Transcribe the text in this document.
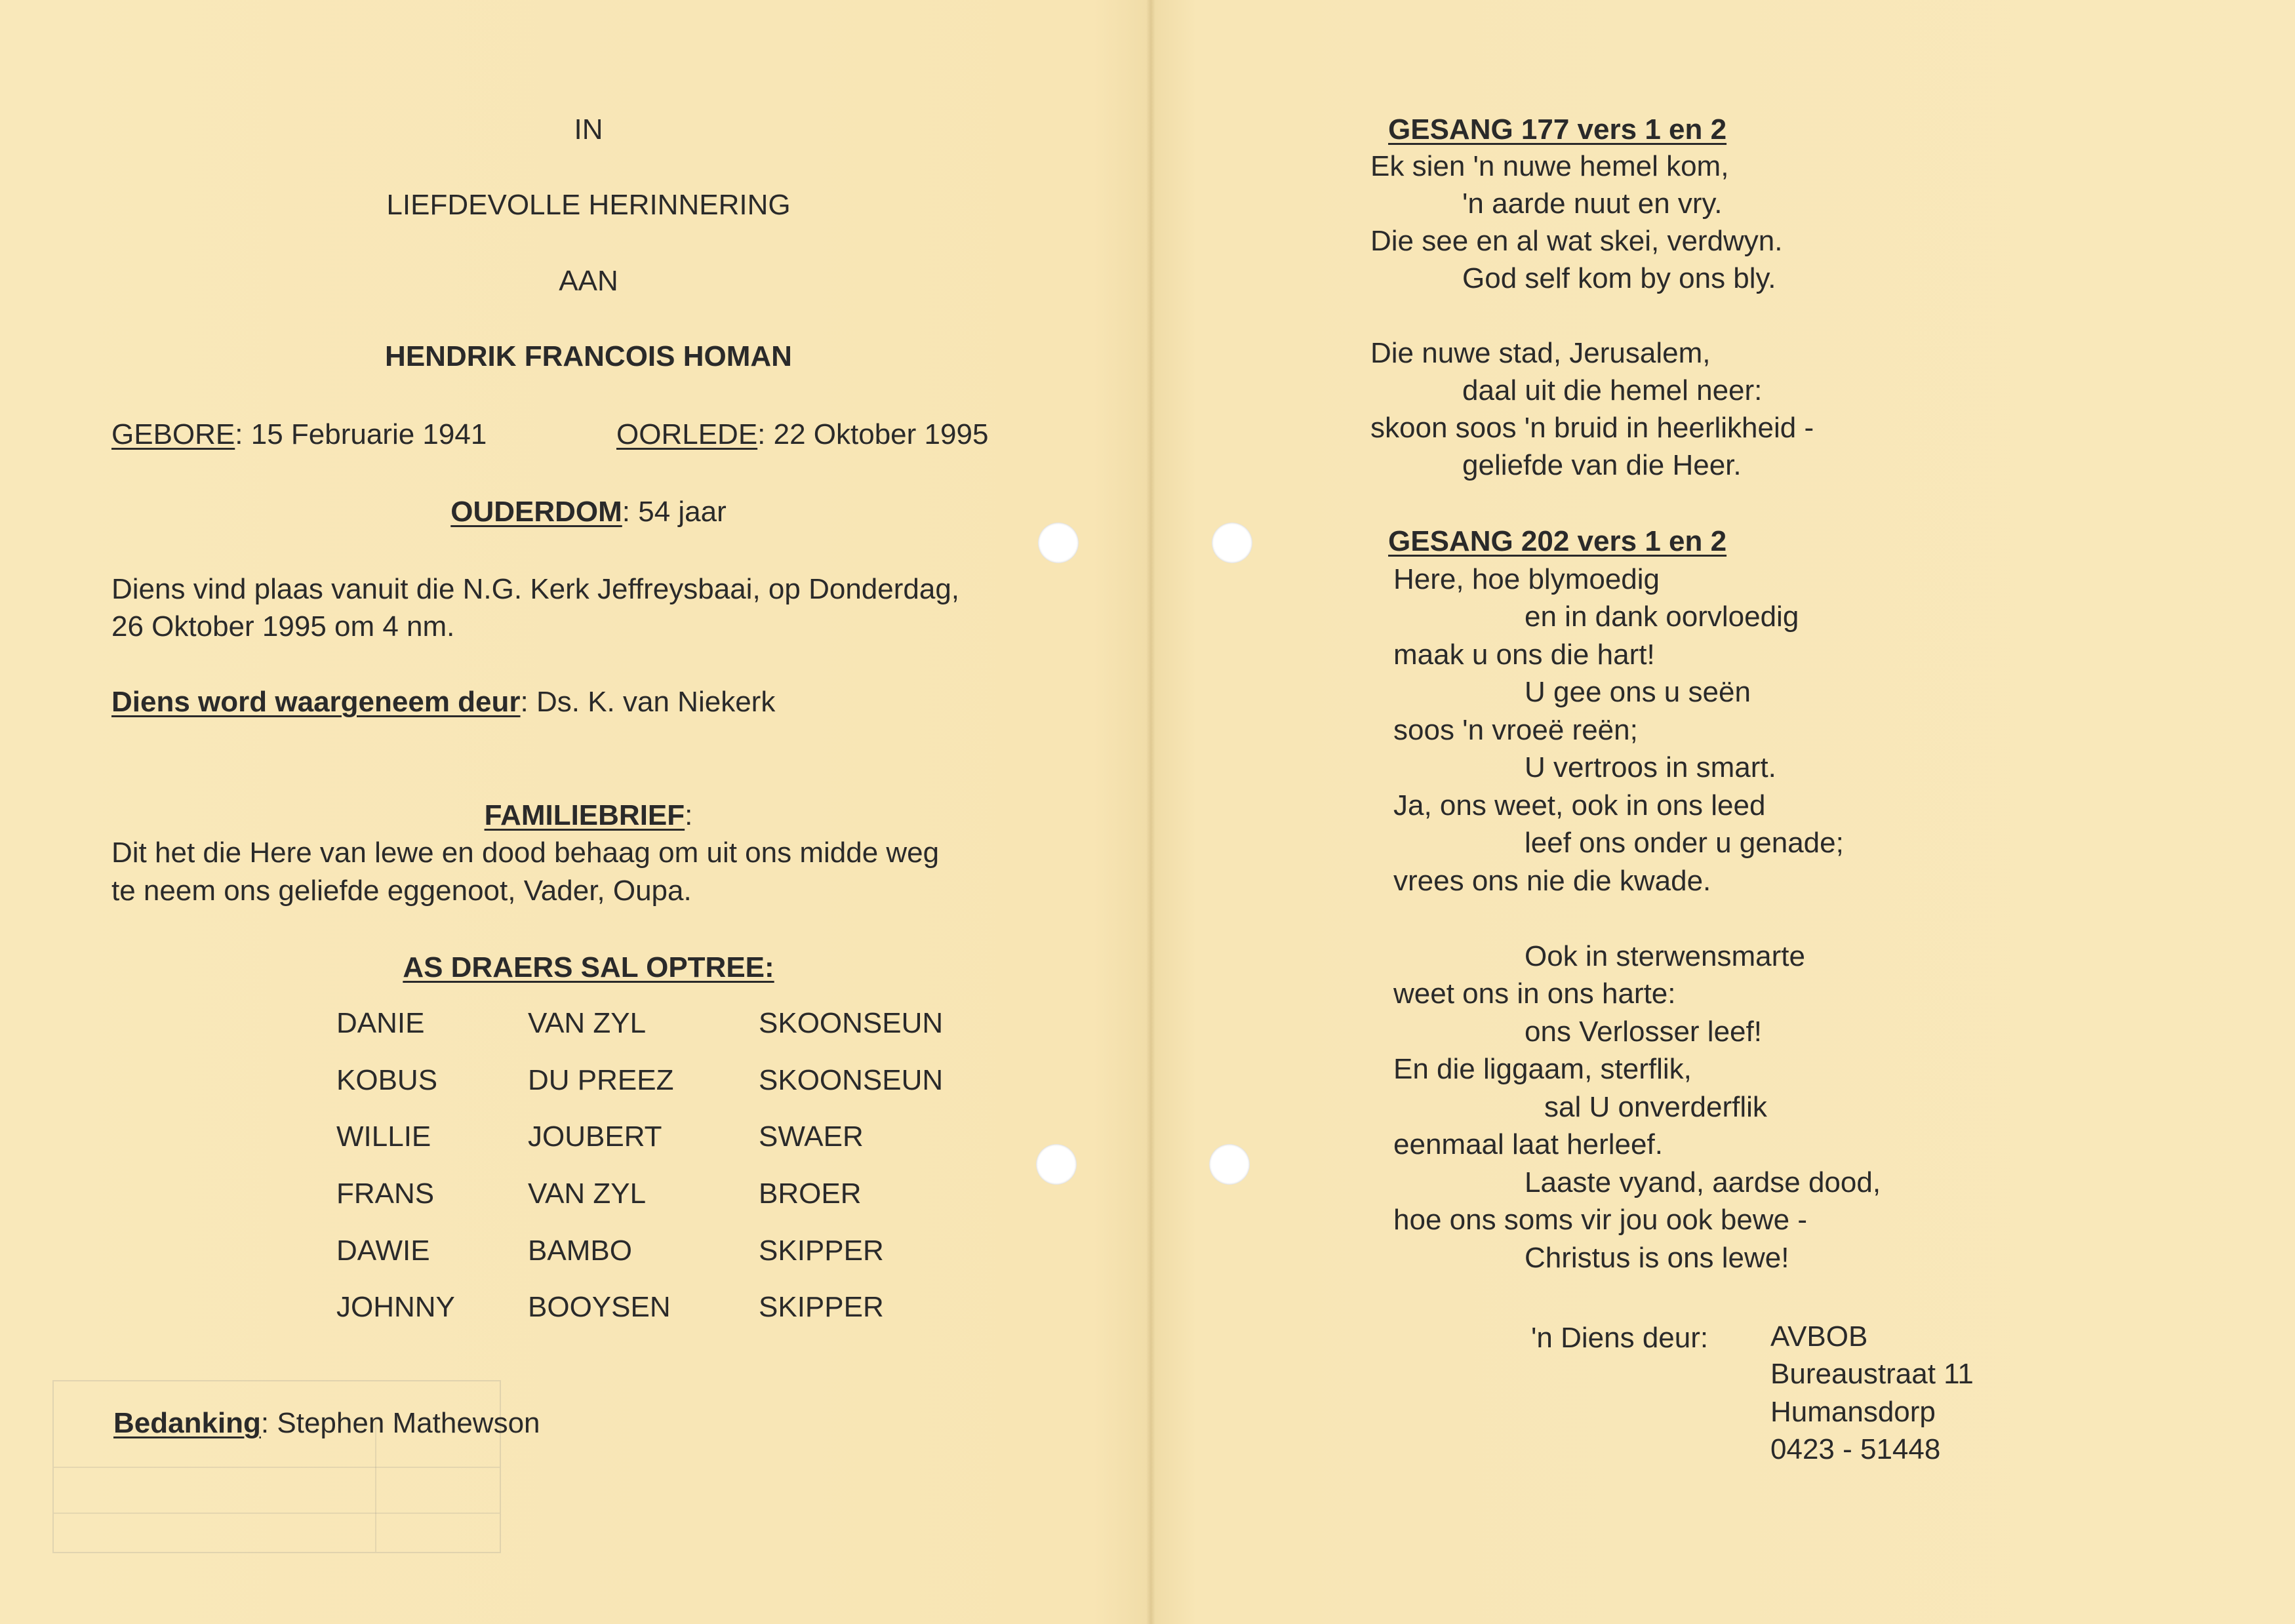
IN
LIEFDEVOLLE HERINNERING
AAN
HENDRIK FRANCOIS HOMAN
GEBORE: 15 Februarie 1941	OORLEDE: 22 Oktober 1995
OUDERDOM: 54 jaar
Diens vind plaas vanuit die N.G. Kerk Jeffreysbaai, op Donderdag,
26 Oktober 1995 om 4 nm.
Diens word waargeneem deur: Ds. K. van Niekerk
FAMILIEBRIEF:
Dit het die Here van lewe en dood behaag om uit ons midde weg
te neem ons geliefde eggenoot, Vader, Oupa.
AS DRAERS SAL OPTREE:
DANIE	VAN ZYL	SKOONSEUN
KOBUS	DU PREEZ	SKOONSEUN
WILLIE	JOUBERT	SWAER
FRANS	VAN ZYL	BROER
DAWIE	BAMBO	SKIPPER
JOHNNY	BOOYSEN	SKIPPER
Bedanking: Stephen Mathewson
GESANG 177 vers 1 en 2
Ek sien 'n nuwe hemel kom,
'n aarde nuut en vry.
Die see en al wat skei, verdwyn.
God self kom by ons bly.
Die nuwe stad, Jerusalem,
daal uit die hemel neer:
skoon soos 'n bruid in heerlikheid -
geliefde van die Heer.
GESANG 202 vers 1 en 2
Here, hoe blymoedig
en in dank oorvloedig
maak u ons die hart!
U gee ons u seën
soos 'n vroeë reën;
U vertroos in smart.
Ja, ons weet, ook in ons leed
leef ons onder u genade;
vrees ons nie die kwade.
Ook in sterwensmarte
weet ons in ons harte:
ons Verlosser leef!
En die liggaam, sterflik,
sal U onverderflik
eenmaal laat herleef.
Laaste vyand, aardse dood,
hoe ons soms vir jou ook bewe -
Christus is ons lewe!
'n Diens deur: AVBOB
Bureaustraat 11
Humansdorp
0423 - 51448
